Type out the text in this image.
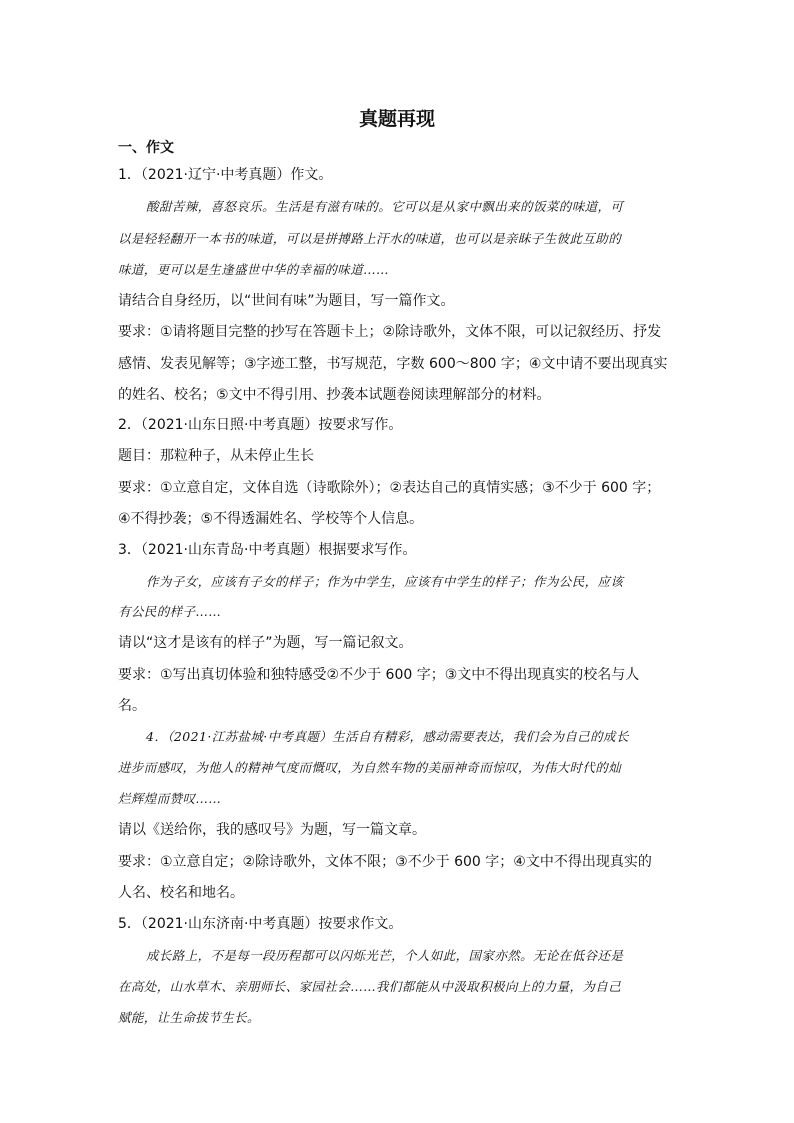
真题再现
一、作文
1．（2021·辽宁·中考真题）作文。
酸甜苦辣，喜怒哀乐。生活是有滋有味的。它可以是从家中飘出来的饭菜的味道，可
以是轻轻翻开一本书的味道，可以是拼搏路上汗水的味道，也可以是亲眛子生彼此互助的
味道，更可以是生逢盛世中华的幸福的味道……
请结合自身经历，以“世间有味”为题目，写一篇作文。
要求：①请将题目完整的抄写在答题卡上；②除诗歌外，文体不限，可以记叙经历、抒发
感情、发表见解等；③字迹工整，书写规范，字数 600～800 字；④文中请不要出现真实
的姓名、校名；⑤文中不得引用、抄袭本试题卷阅读理解部分的材料。
2．（2021·山东日照·中考真题）按要求写作。
题目：那粒种子，从未停止生长
要求：①立意自定，文体自选（诗歌除外）；②表达自己的真情实感；③不少于 600 字；
④不得抄袭；⑤不得透漏姓名、学校等个人信息。
3．（2021·山东青岛·中考真题）根据要求写作。
作为子女，应该有子女的样子；作为中学生，应该有中学生的样子；作为公民，应该
有公民的样子……
请以“这才是该有的样子”为题，写一篇记叙文。
要求：①写出真切体验和独特感受②不少于 600 字；③文中不得出现真实的校名与人
名。
4．（2021·江苏盐城·中考真题）生活自有精彩，感动需要表达，我们会为自己的成长
进步而感叹，为他人的精神气度而慨叹，为自然车物的美丽神奇而惊叹，为伟大时代的灿
烂辉煌而赞叹……
请以《送给你，我的感叹号》为题，写一篇文章。
要求：①立意自定；②除诗歌外，文体不限；③不少于 600 字；④文中不得出现真实的
人名、校名和地名。
5．（2021·山东济南·中考真题）按要求作文。
成长路上，不是每一段历程都可以闪烁光芒，个人如此，国家亦然。无论在低谷还是
在高处，山水草木、亲朋师长、家园社会……我们都能从中汲取积极向上的力量，为自己
赋能，让生命拔节生长。
